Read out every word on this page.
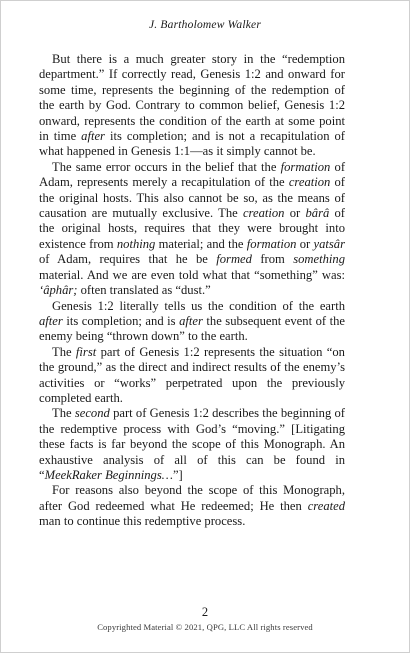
J. Bartholomew Walker

But there is a much greater story in the “redemption department.” If correctly read, Genesis 1:2 and onward for some time, represents the beginning of the redemption of the earth by God. Contrary to common belief, Genesis 1:2 onward, represents the condition of the earth at some point in time after its completion; and is not a recapitulation of what happened in Genesis 1:1—as it simply cannot be.

The same error occurs in the belief that the formation of Adam, represents merely a recapitulation of the creation of the original hosts. This also cannot be so, as the means of causation are mutually exclusive. The creation or bârâ of the original hosts, requires that they were brought into existence from nothing material; and the formation or yatsâr of Adam, requires that he be formed from something material. And we are even told what that “something” was: ‘âphâr; often translated as “dust.”

Genesis 1:2 literally tells us the condition of the earth after its completion; and is after the subsequent event of the enemy being “thrown down” to the earth.

The first part of Genesis 1:2 represents the situation “on the ground,” as the direct and indirect results of the enemy’s activities or “works” perpetrated upon the previously completed earth.

The second part of Genesis 1:2 describes the beginning of the redemptive process with God’s “moving.” [Litigating these facts is far beyond the scope of this Monograph. An exhaustive analysis of all of this can be found in “MeekRaker Beginnings…”]

For reasons also beyond the scope of this Monograph, after God redeemed what He redeemed; He then created man to continue this redemptive process.

2
Copyrighted Material © 2021, QPG, LLC All rights reserved
